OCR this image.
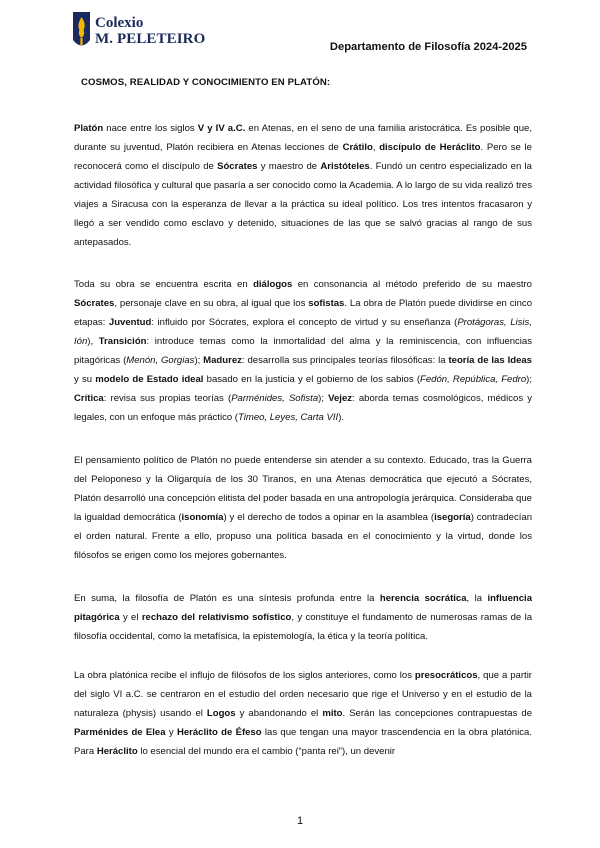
Colexio
M. PELETEIRO	Departamento de Filosofía 2024-2025
COSMOS, REALIDAD Y CONOCIMIENTO EN PLATÓN:
Platón nace entre los siglos V y IV a.C. en Atenas, en el seno de una familia aristocrática. Es posible que, durante su juventud, Platón recibiera en Atenas lecciones de Crátilo, discípulo de Heráclito. Pero se le reconocerá como el discípulo de Sócrates y maestro de Aristóteles. Fundó un centro especializado en la actividad filosófica y cultural que pasaría a ser conocido como la Academia. A lo largo de su vida realizó tres viajes a Siracusa con la esperanza de llevar a la práctica su ideal político. Los tres intentos fracasaron y llegó a ser vendido como esclavo y detenido, situaciones de las que se salvó gracias al rango de sus antepasados.
Toda su obra se encuentra escrita en diálogos en consonancia al método preferido de su maestro Sócrates, personaje clave en su obra, al igual que los sofistas. La obra de Platón puede dividirse en cinco etapas: Juventud: influido por Sócrates, explora el concepto de virtud y su enseñanza (Protágoras, Lisis, Ión), Transición: introduce temas como la inmortalidad del alma y la reminiscencia, con influencias pitagóricas (Menón, Gorgias); Madurez: desarrolla sus principales teorías filosóficas: la teoría de las Ideas y su modelo de Estado ideal basado en la justicia y el gobierno de los sabios (Fedón, República, Fedro); Crítica: revisa sus propias teorías (Parménides, Sofista); Vejez: aborda temas cosmológicos, médicos y legales, con un enfoque más práctico (Timeo, Leyes, Carta VII).
El pensamiento político de Platón no puede entenderse sin atender a su contexto. Educado, tras la Guerra del Peloponeso y la Oligarquía de los 30 Tiranos, en una Atenas democrática que ejecutó a Sócrates, Platón desarrolló una concepción elitista del poder basada en una antropología jerárquica. Consideraba que la igualdad democrática (isonomía) y el derecho de todos a opinar en la asamblea (isegoría) contradecían el orden natural. Frente a ello, propuso una política basada en el conocimiento y la virtud, donde los filósofos se erigen como los mejores gobernantes.
En suma, la filosofía de Platón es una síntesis profunda entre la herencia socrática, la influencia pitagórica y el rechazo del relativismo sofístico, y constituye el fundamento de numerosas ramas de la filosofía occidental, como la metafísica, la epistemología, la ética y la teoría política.
La obra platónica recibe el influjo de filósofos de los siglos anteriores, como los presocráticos, que a partir del siglo VI a.C. se centraron en el estudio del orden necesario que rige el Universo y en el estudio de la naturaleza (physis) usando el Logos y abandonando el mito. Serán las concepciones contrapuestas de Parménides de Elea y Heráclito de Éfeso las que tengan una mayor trascendencia en la obra platónica. Para Heráclito lo esencial del mundo era el cambio (“panta rei”), un devenir
1
